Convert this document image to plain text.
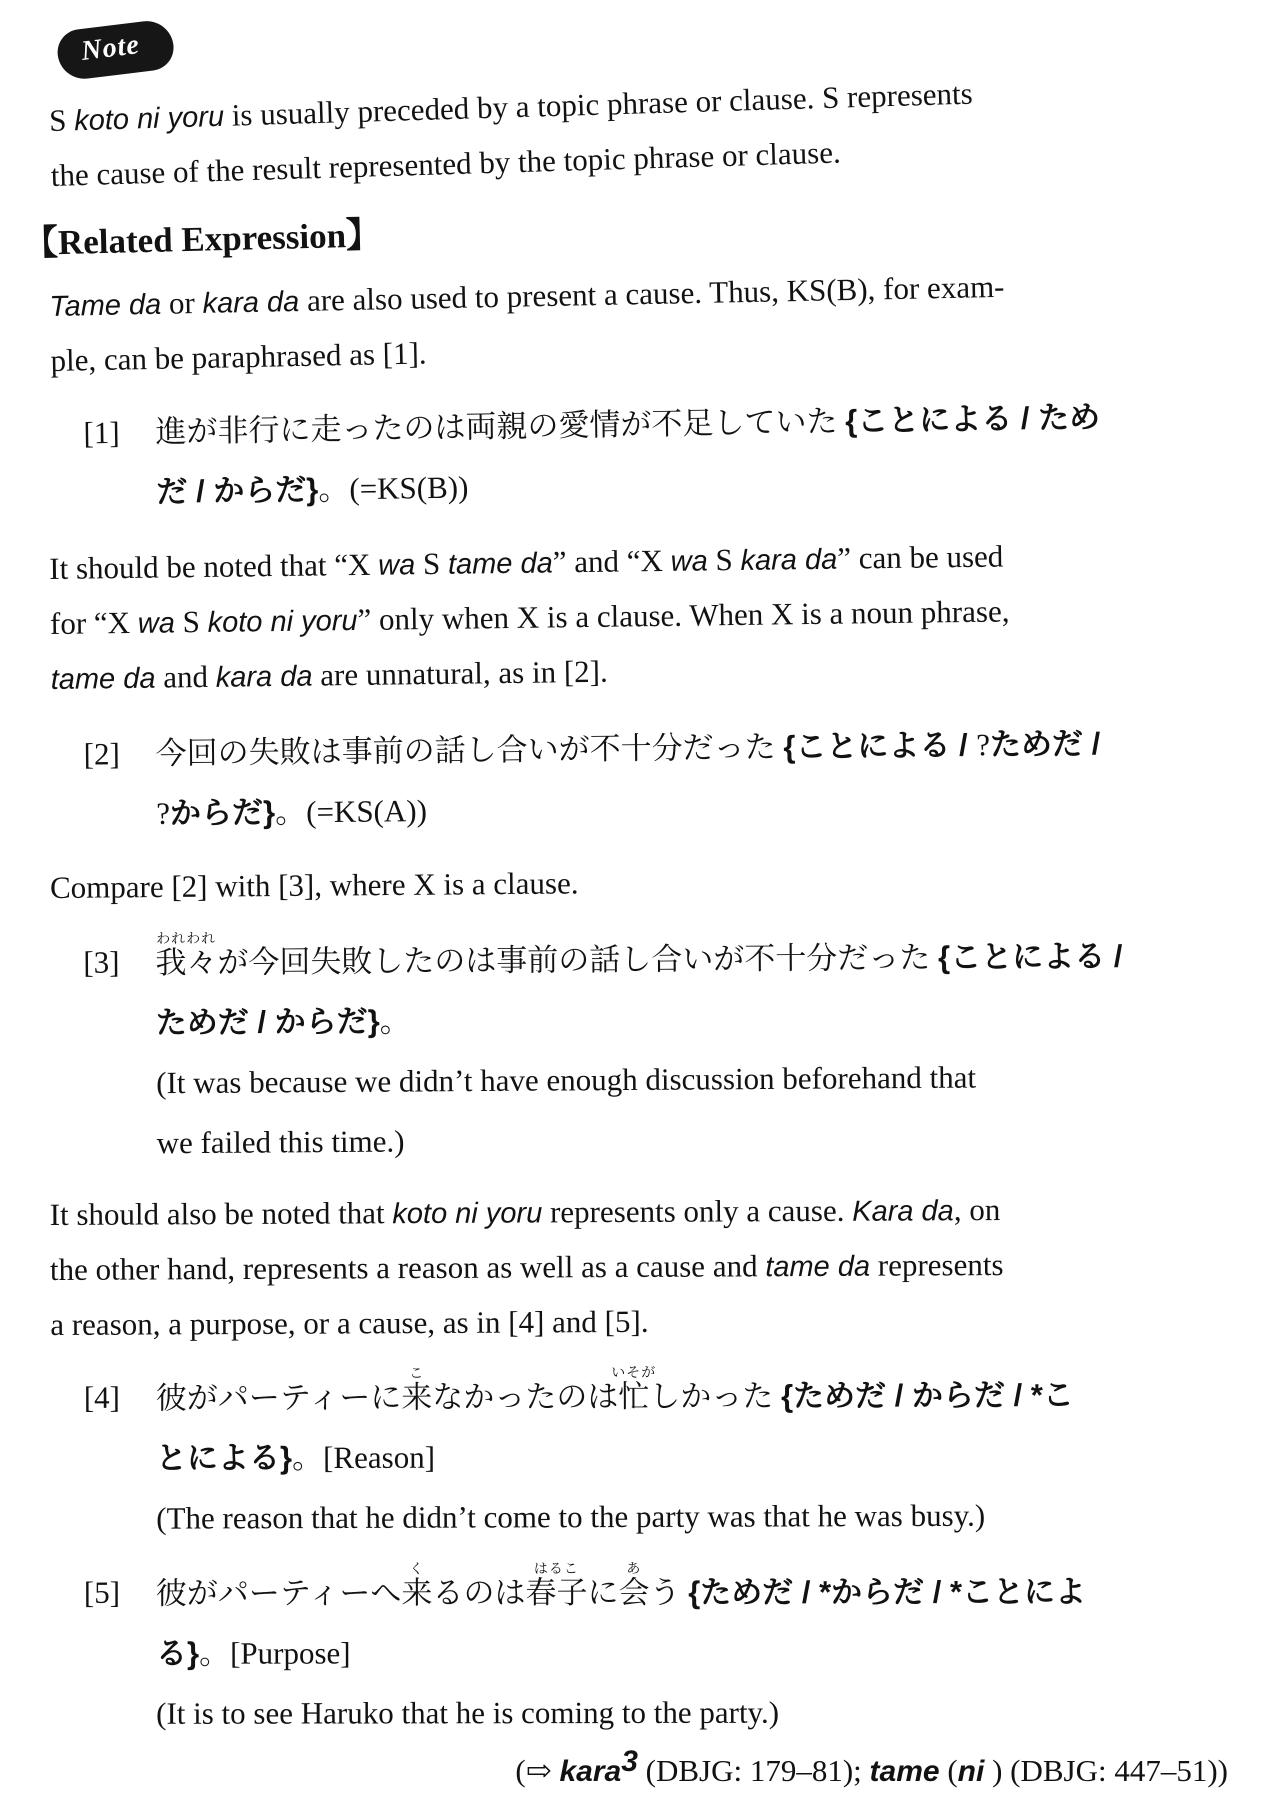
Note
S koto ni yoru is usually preceded by a topic phrase or clause. S represents
the cause of the result represented by the topic phrase or clause.
【Related Expression】
Tame da or kara da are also used to present a cause. Thus, KS(B), for exam-
ple, can be paraphrased as [1].
[1]	進が非行に走ったのは両親の愛情が不足していた {ことによる / ため
だ / からだ}。(=KS(B))
It should be noted that “X wa S tame da” and “X wa S kara da” can be used
for “X wa S koto ni yoru” only when X is a clause. When X is a noun phrase,
tame da and kara da are unnatural, as in [2].
[2]	今回の失敗は事前の話し合いが不十分だった {ことによる / ?ためだ /
?からだ}。(=KS(A))
Compare [2] with [3], where X is a clause.
[3]	我々われわれが今回失敗したのは事前の話し合いが不十分だった {ことによる /
ためだ / からだ}。
(It was because we didn’t have enough discussion beforehand that
we failed this time.)
It should also be noted that koto ni yoru represents only a cause. Kara da, on
the other hand, represents a reason as well as a cause and tame da represents
a reason, a purpose, or a cause, as in [4] and [5].
[4]	彼がパーティーに来こなかったのは忙いそがしかった {ためだ / からだ / *こ
とによる}。[Reason]
(The reason that he didn’t come to the party was that he was busy.)
[5]	彼がパーティーへ来くるのは春子はるこに会あう {ためだ / *からだ / *ことによ
る}。[Purpose]
(It is to see Haruko that he is coming to the party.)
(⇨ kara$^3$ (DBJG: 179–81); tame (ni ) (DBJG: 447–51))
